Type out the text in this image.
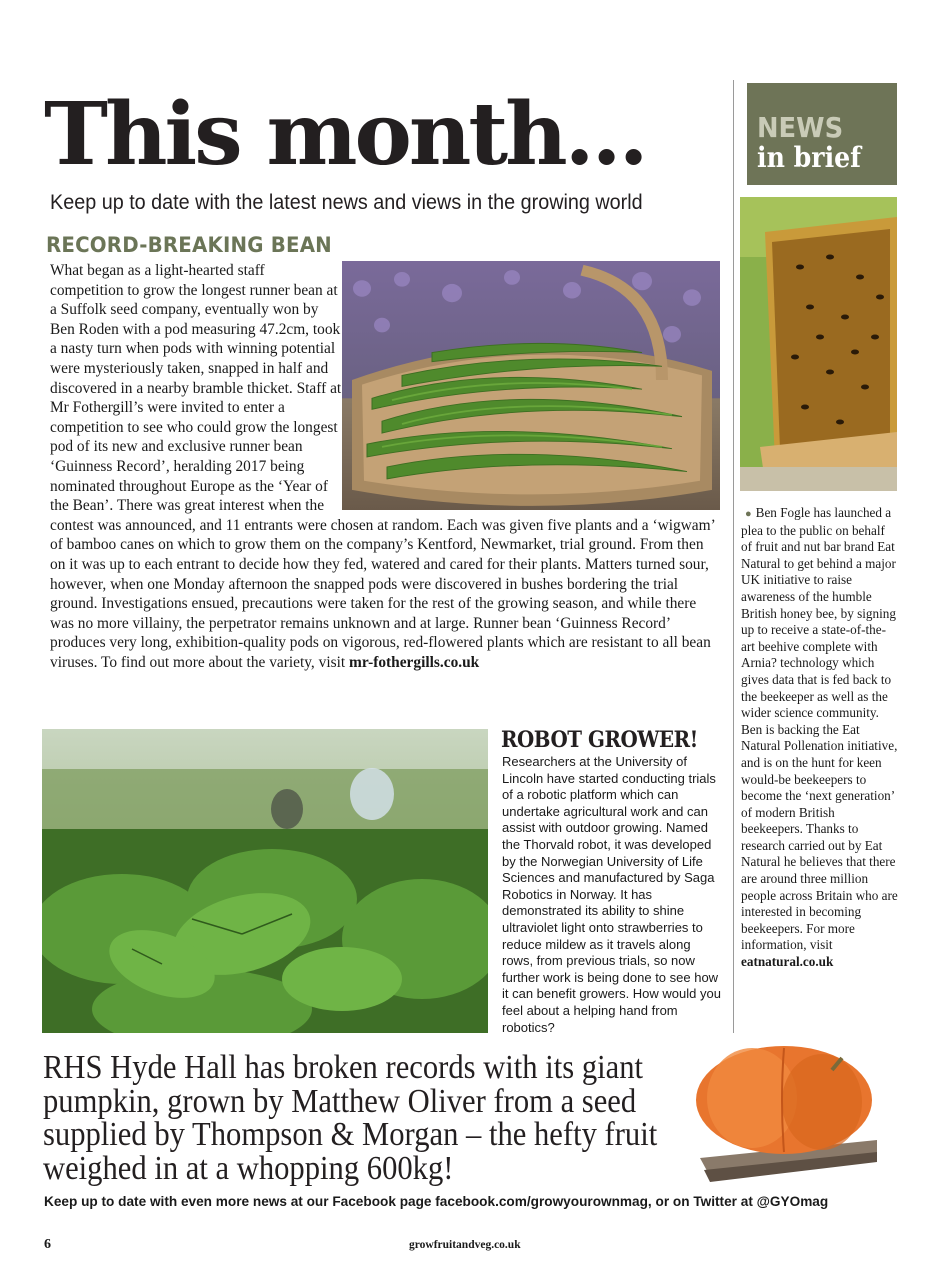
This month...
Keep up to date with the latest news and views in the growing world
RECORD-BREAKING BEAN
What began as a light-hearted staff competition to grow the longest runner bean at a Suffolk seed company, eventually won by Ben Roden with a pod measuring 47.2cm, took a nasty turn when pods with winning potential were mysteriously taken, snapped in half and discovered in a nearby bramble thicket. Staff at Mr Fothergill’s were invited to enter a competition to see who could grow the longest pod of its new and exclusive runner bean ‘Guinness Record’, heralding 2017 being nominated throughout Europe as the ‘Year of the Bean’. There was great interest when the contest was announced, and 11 entrants were chosen at random. Each was given five plants and a ‘wigwam’ of bamboo canes on which to grow them on the company’s Kentford, Newmarket, trial ground. From then on it was up to each entrant to decide how they fed, watered and cared for their plants. Matters turned sour, however, when one Monday afternoon the snapped pods were discovered in bushes bordering the trial ground. Investigations ensued, precautions were taken for the rest of the growing season, and while there was no more villainy, the perpetrator remains unknown and at large. Runner bean ‘Guinness Record’ produces very long, exhibition-quality pods on vigorous, red-flowered plants which are resistant to all bean viruses. To find out more about the variety, visit mr-fothergills.co.uk
ROBOT GROWER!
Researchers at the University of Lincoln have started conducting trials of a robotic platform which can undertake agricultural work and can assist with outdoor growing. Named the Thorvald robot, it was developed by the Norwegian University of Life Sciences and manufactured by Saga Robotics in Norway. It has demonstrated its ability to shine ultraviolet light onto strawberries to reduce mildew as it travels along rows, from previous trials, so now further work is being done to see how it can benefit growers. How would you feel about a helping hand from robotics?
NEWS
in brief
● Ben Fogle has launched a plea to the public on behalf of fruit and nut bar brand Eat Natural to get behind a major UK initiative to raise awareness of the humble British honey bee, by signing up to receive a state-of-the-art beehive complete with Arnia? technology which gives data that is fed back to the beekeeper as well as the wider science community. Ben is backing the Eat Natural Pollenation initiative, and is on the hunt for keen would-be beekeepers to become the ‘next generation’ of modern British beekeepers. Thanks to research carried out by Eat Natural he believes that there are around three million people across Britain who are interested in becoming beekeepers. For more information, visit eatnatural.co.uk
RHS Hyde Hall has broken records with its giant pumpkin, grown by Matthew Oliver from a seed supplied by Thompson & Morgan – the hefty fruit weighed in at a whopping 600kg!
Keep up to date with even more news at our Facebook page facebook.com/growyourownmag, or on Twitter at @GYOmag
6	growfruitandveg.co.uk
